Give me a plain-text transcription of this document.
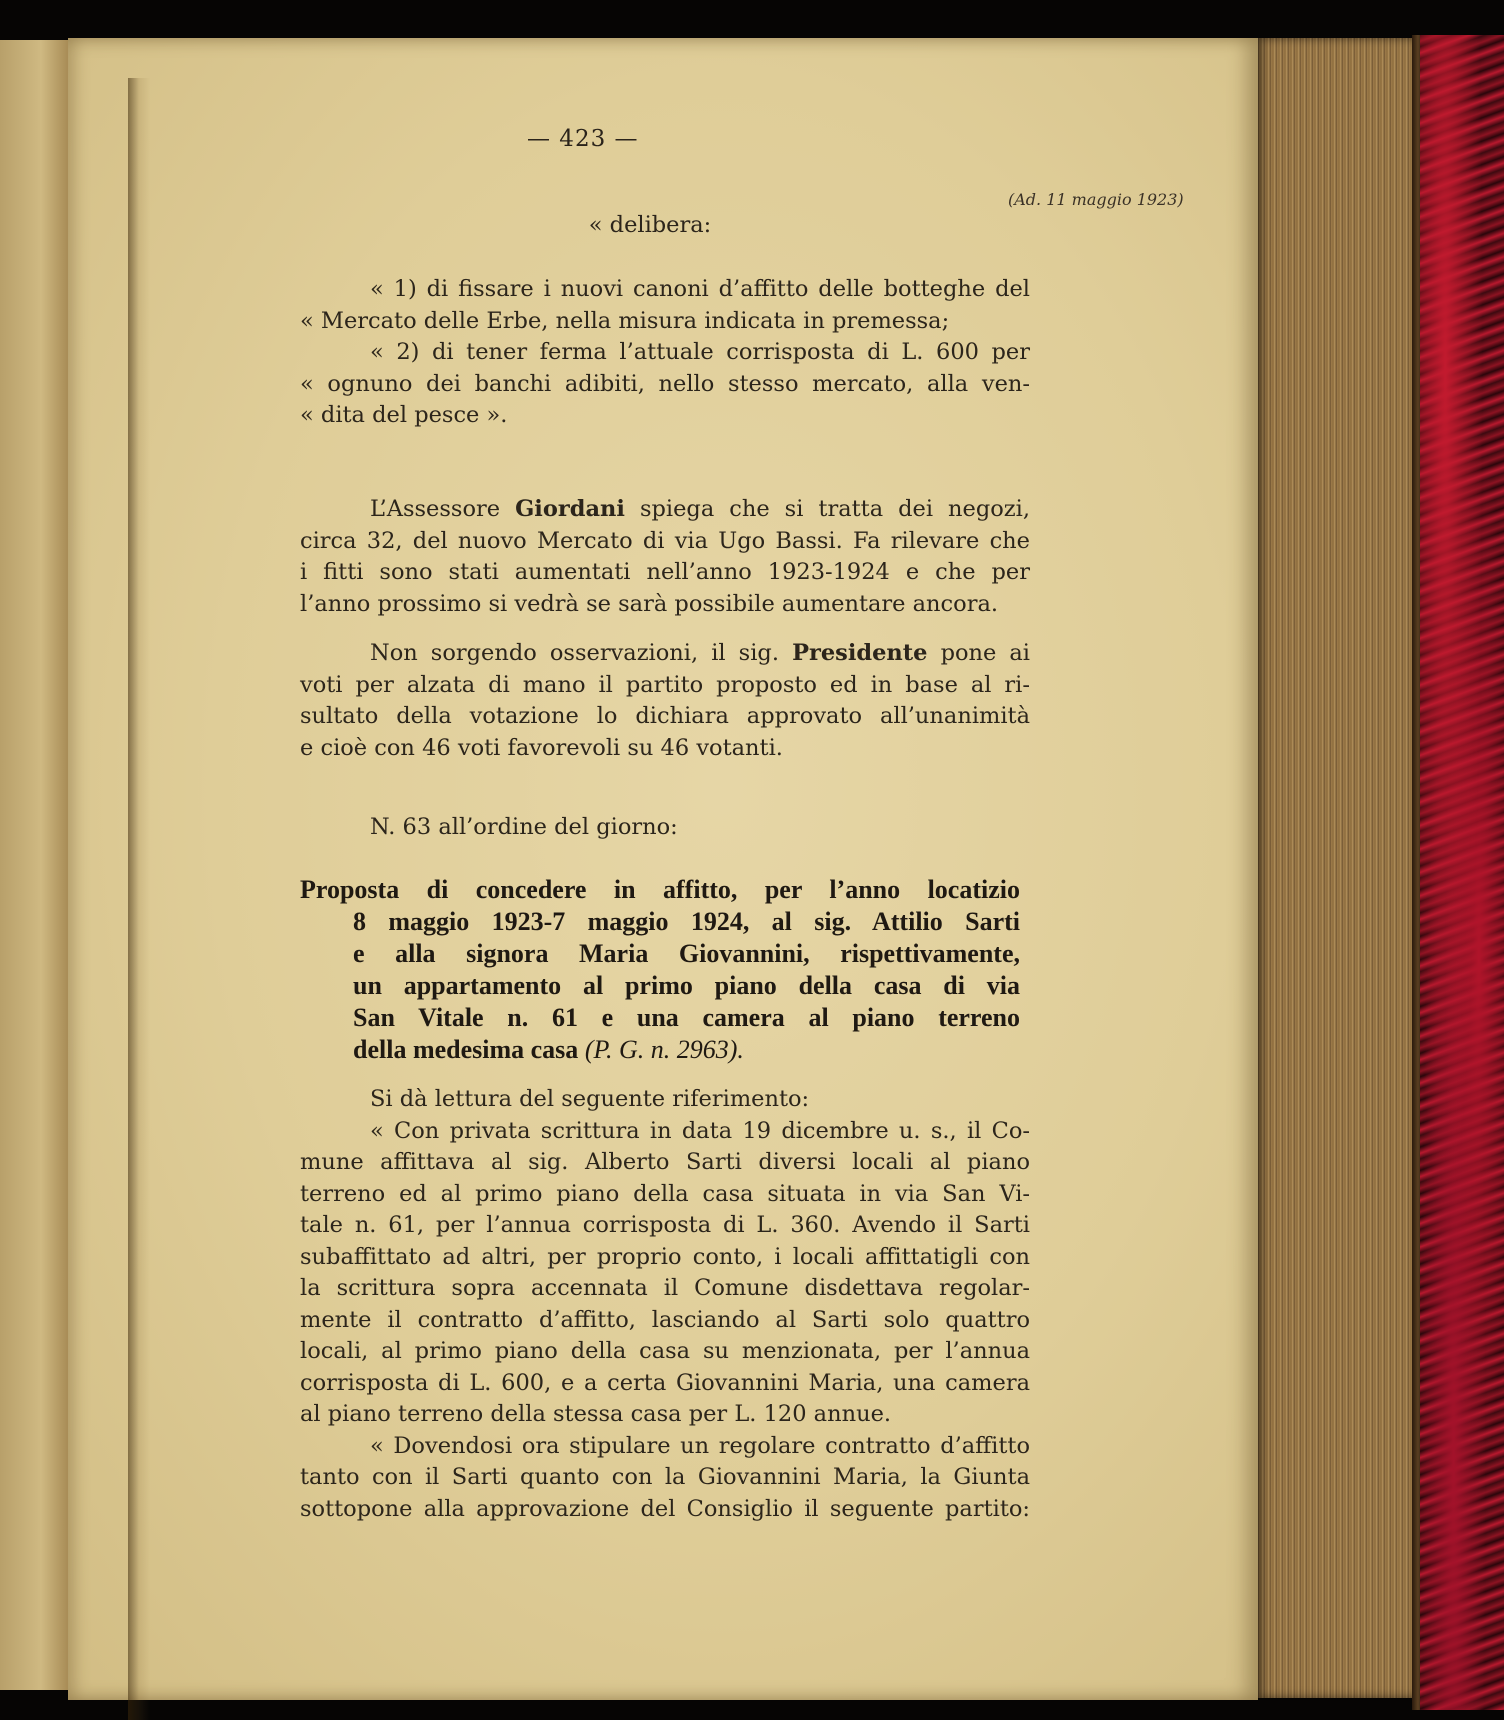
— 423 —
(Ad. 11 maggio 1923)
« delibera:
« 1) di fissare i nuovi canoni d’affitto delle botteghe del
« Mercato delle Erbe, nella misura indicata in premessa;
« 2) di tener ferma l’attuale corrisposta di L. 600 per
« ognuno dei banchi adibiti, nello stesso mercato, alla ven-
« dita del pesce ».
L’Assessore Giordani spiega che si tratta dei negozi,
circa 32, del nuovo Mercato di via Ugo Bassi. Fa rilevare che
i fitti sono stati aumentati nell’anno 1923-1924 e che per
l’anno prossimo si vedrà se sarà possibile aumentare ancora.
Non sorgendo osservazioni, il sig. Presidente pone ai
voti per alzata di mano il partito proposto ed in base al ri-
sultato della votazione lo dichiara approvato all’unanimità
e cioè con 46 voti favorevoli su 46 votanti.
N. 63 all’ordine del giorno:
Proposta di concedere in affitto, per l’anno locatizio
8 maggio 1923-7 maggio 1924, al sig. Attilio Sarti
e alla signora Maria Giovannini, rispettivamente,
un appartamento al primo piano della casa di via
San Vitale n. 61 e una camera al piano terreno
della medesima casa (P. G. n. 2963).
Si dà lettura del seguente riferimento:
« Con privata scrittura in data 19 dicembre u. s., il Co-
mune affittava al sig. Alberto Sarti diversi locali al piano
terreno ed al primo piano della casa situata in via San Vi-
tale n. 61, per l’annua corrisposta di L. 360. Avendo il Sarti
subaffittato ad altri, per proprio conto, i locali affittatigli con
la scrittura sopra accennata il Comune disdettava regolar-
mente il contratto d’affitto, lasciando al Sarti solo quattro
locali, al primo piano della casa su menzionata, per l’annua
corrisposta di L. 600, e a certa Giovannini Maria, una camera
al piano terreno della stessa casa per L. 120 annue.
« Dovendosi ora stipulare un regolare contratto d’affitto
tanto con il Sarti quanto con la Giovannini Maria, la Giunta
sottopone alla approvazione del Consiglio il seguente partito:
